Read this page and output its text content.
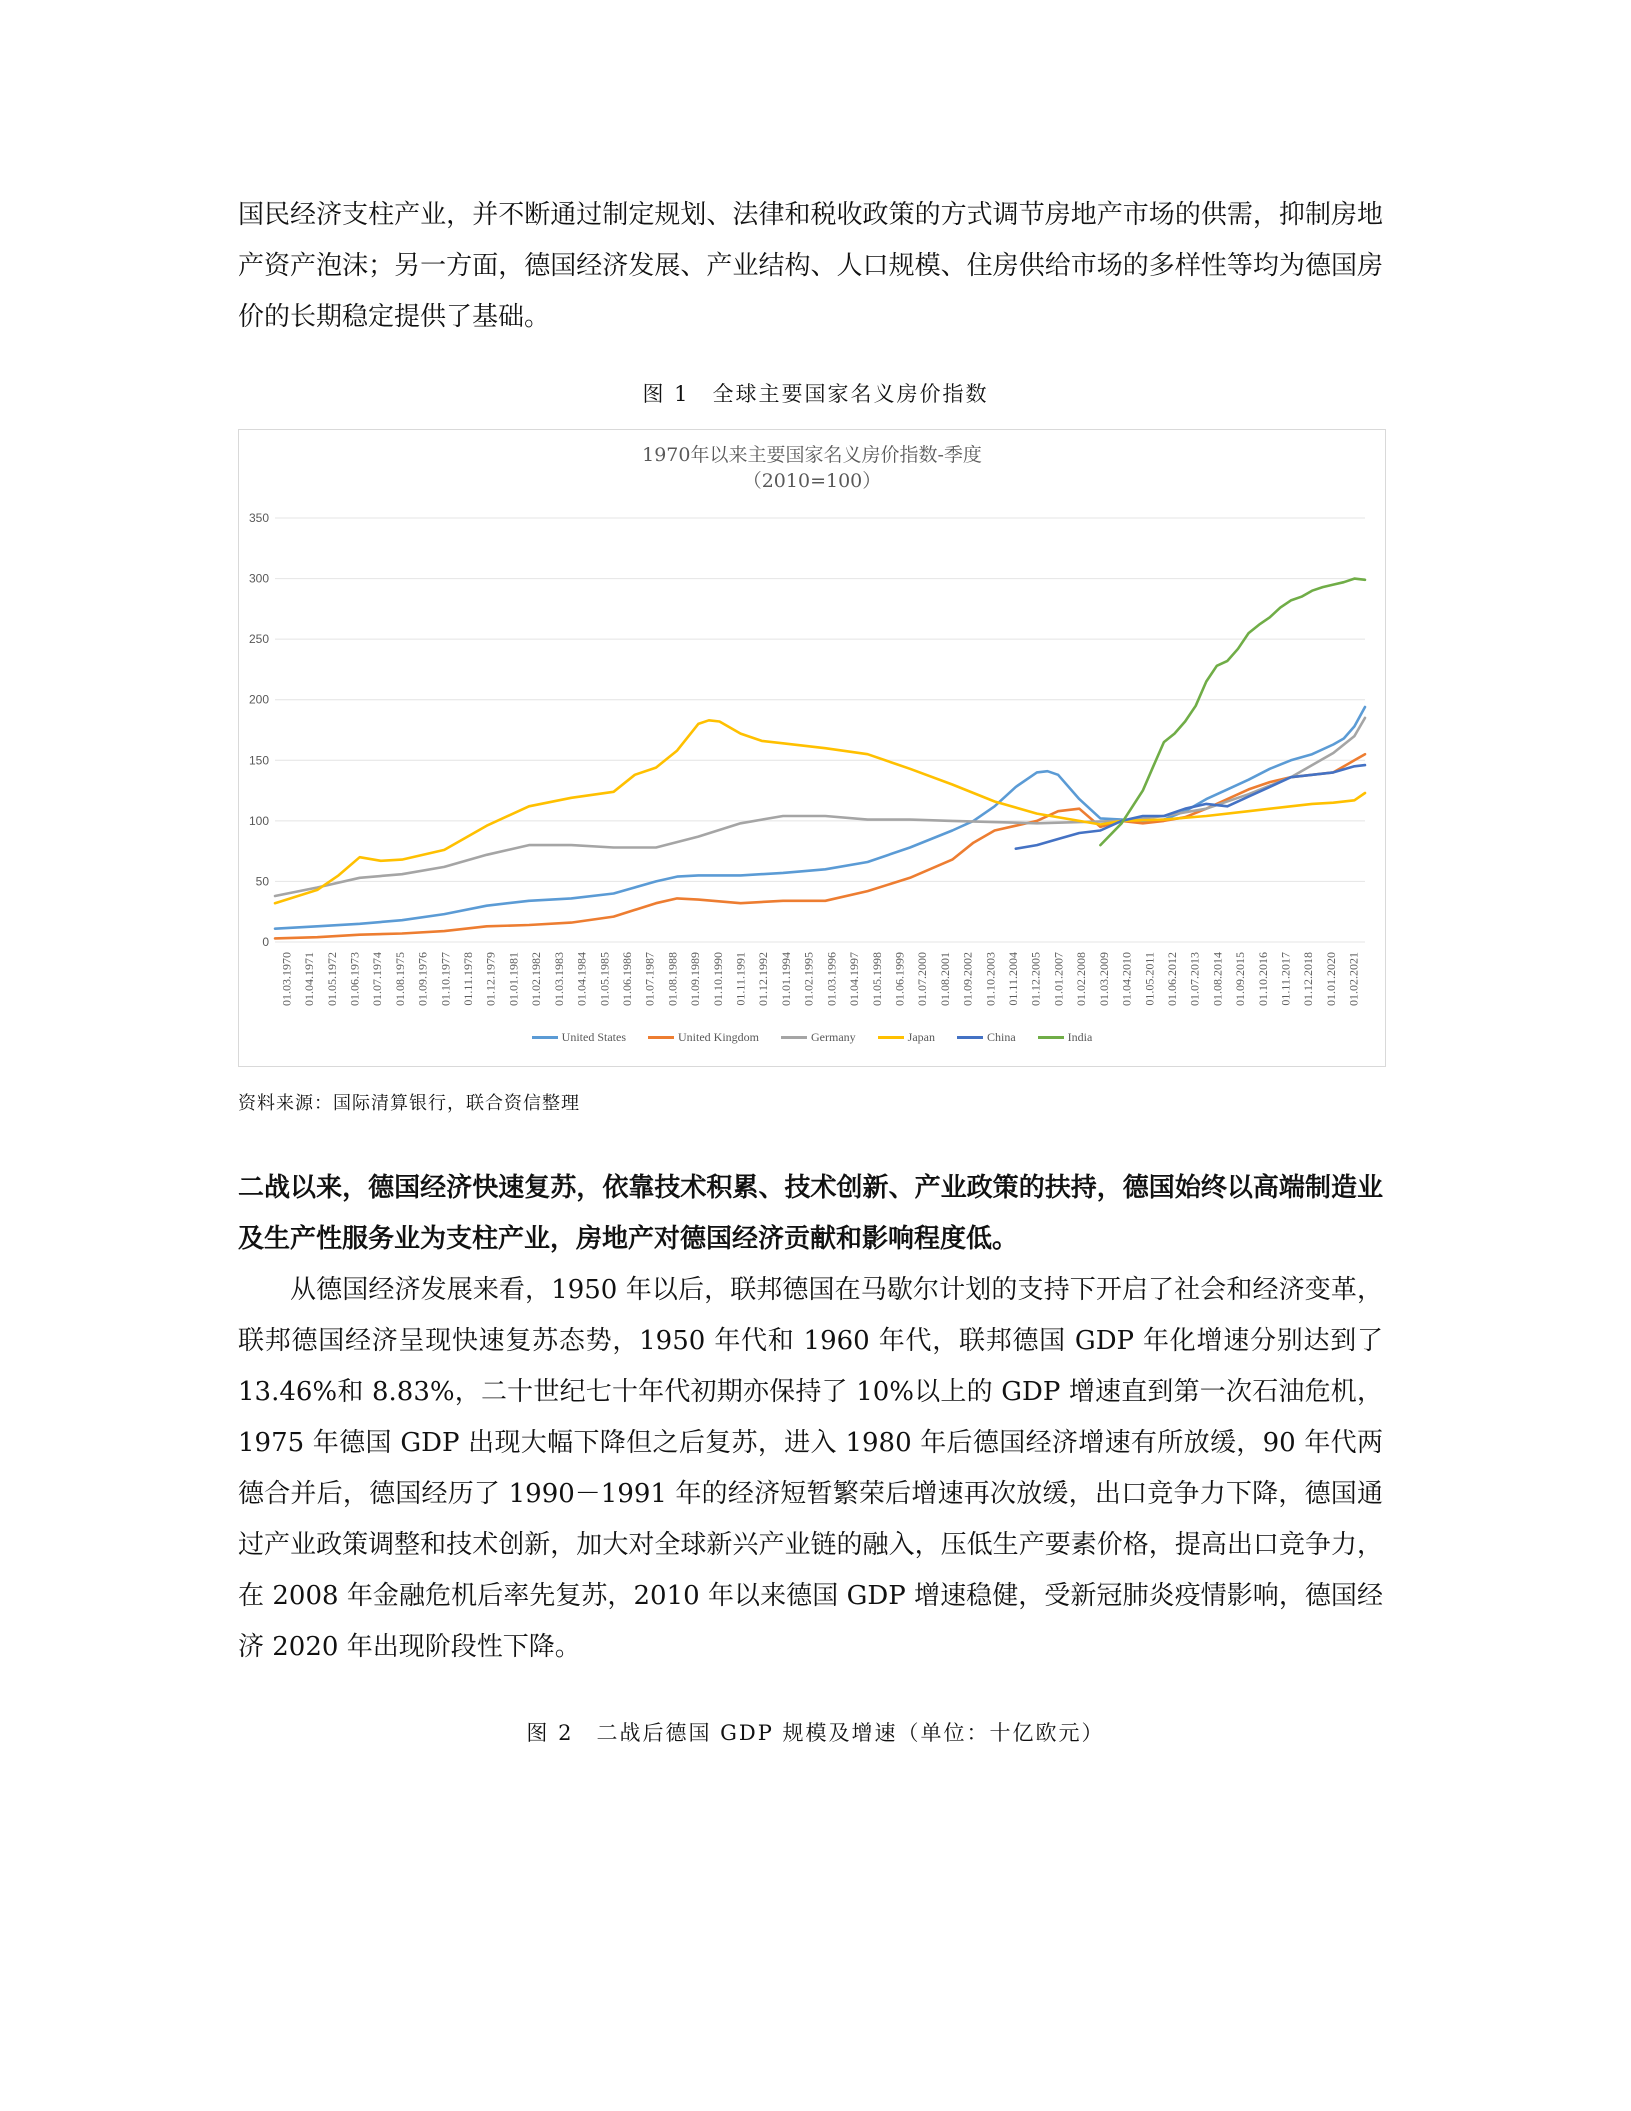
国民经济支柱产业，并不断通过制定规划、法律和税收政策的方式调节房地产市场的供需，抑制房地产资产泡沫；另一方面，德国经济发展、产业结构、人口规模、住房供给市场的多样性等均为德国房价的长期稳定提供了基础。

图 1　全球主要国家名义房价指数
1970年以来主要国家名义房价指数-季度
（2010=100）
0
50
100
150
200
250
300
350
01.03.1970 01.04.1971 01.05.1972 01.06.1973 01.07.1974 01.08.1975 01.09.1976 01.10.1977 01.11.1978 01.12.1979 01.01.1981 01.02.1982 01.03.1983 01.04.1984 01.05.1985 01.06.1986 01.07.1987 01.08.1988 01.09.1989 01.10.1990 01.11.1991 01.12.1992 01.01.1994 01.02.1995 01.03.1996 01.04.1997 01.05.1998 01.06.1999 01.07.2000 01.08.2001 01.09.2002 01.10.2003 01.11.2004 01.12.2005 01.01.2007 01.02.2008 01.03.2009 01.04.2010 01.05.2011 01.06.2012 01.07.2013 01.08.2014 01.09.2015 01.10.2016 01.11.2017 01.12.2018 01.01.2020 01.02.2021
United States	United Kingdom	Germany	Japan	China	India
资料来源：国际清算银行，联合资信整理

二战以来，德国经济快速复苏，依靠技术积累、技术创新、产业政策的扶持，德国始终以高端制造业及生产性服务业为支柱产业，房地产对德国经济贡献和影响程度低。

从德国经济发展来看，1950 年以后，联邦德国在马歇尔计划的支持下开启了社会和经济变革，联邦德国经济呈现快速复苏态势，1950 年代和 1960 年代，联邦德国 GDP 年化增速分别达到了 13.46%和 8.83%，二十世纪七十年代初期亦保持了 10%以上的 GDP 增速直到第一次石油危机，1975 年德国 GDP 出现大幅下降但之后复苏，进入 1980 年后德国经济增速有所放缓，90 年代两德合并后，德国经历了 1990－1991 年的经济短暂繁荣后增速再次放缓，出口竞争力下降，德国通过产业政策调整和技术创新，加大对全球新兴产业链的融入，压低生产要素价格，提高出口竞争力，在 2008 年金融危机后率先复苏，2010 年以来德国 GDP 增速稳健，受新冠肺炎疫情影响，德国经济 2020 年出现阶段性下降。

图 2　二战后德国 GDP 规模及增速（单位：十亿欧元）
